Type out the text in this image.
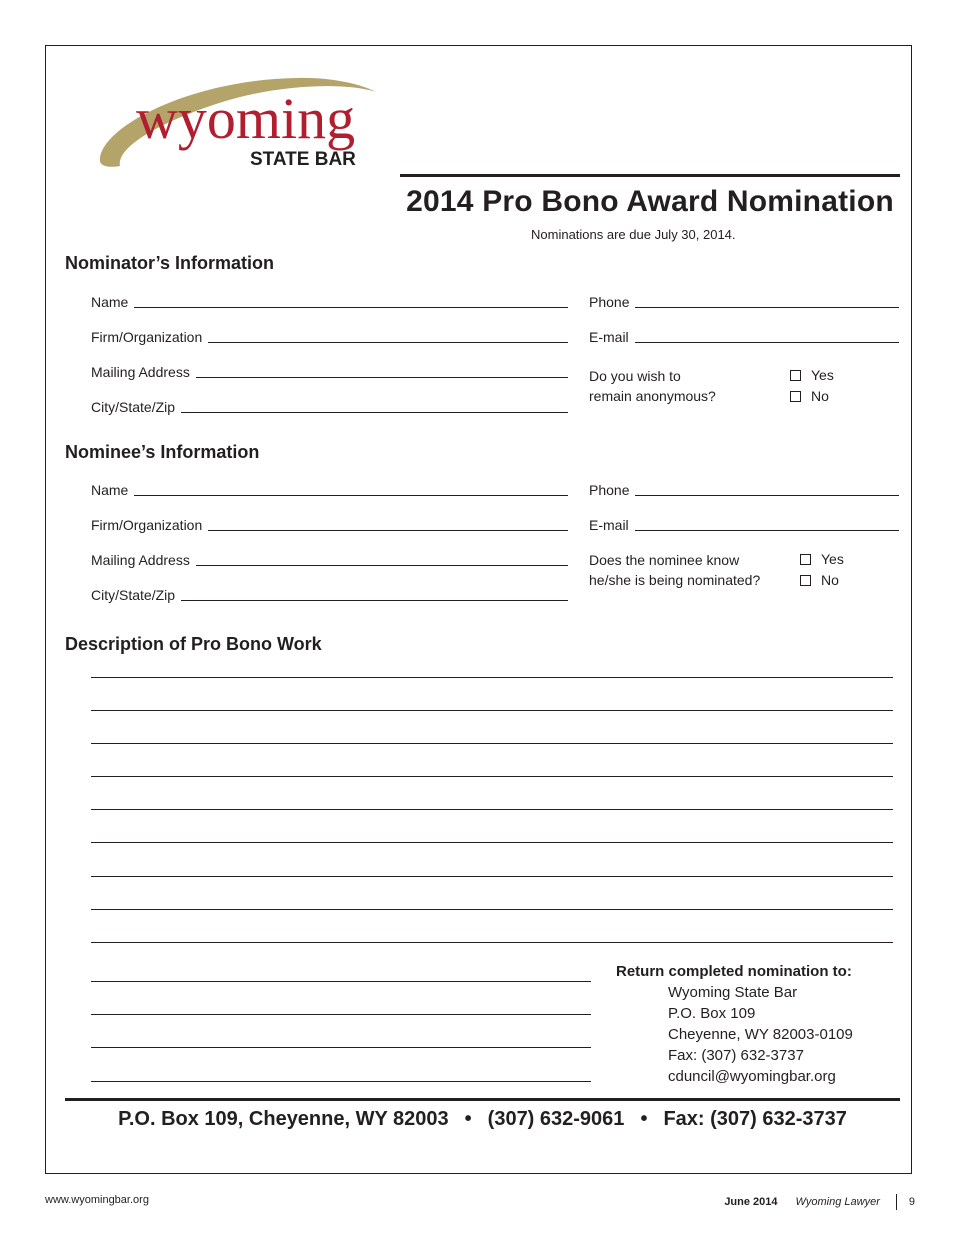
wyoming
STATE BAR
2014 Pro Bono Award Nomination
Nominations are due July 30, 2014.
Nominator’s Information
Name
Firm/Organization
Mailing Address
City/State/Zip
Phone
E-mail
Do you wish to
remain anonymous?
Yes
No
Nominee’s Information
Name
Firm/Organization
Mailing Address
City/State/Zip
Phone
E-mail
Does the nominee know
he/she is being nominated?
Yes
No
Description of Pro Bono Work
Return completed nomination to:
Wyoming State Bar
P.O. Box 109
Cheyenne, WY 82003-0109
Fax: (307) 632-3737
cduncil@wyomingbar.org
P.O. Box 109, Cheyenne, WY 82003 • (307) 632-9061 • Fax: (307) 632-3737
www.wyomingbar.org	June 2014 Wyoming Lawyer	9
